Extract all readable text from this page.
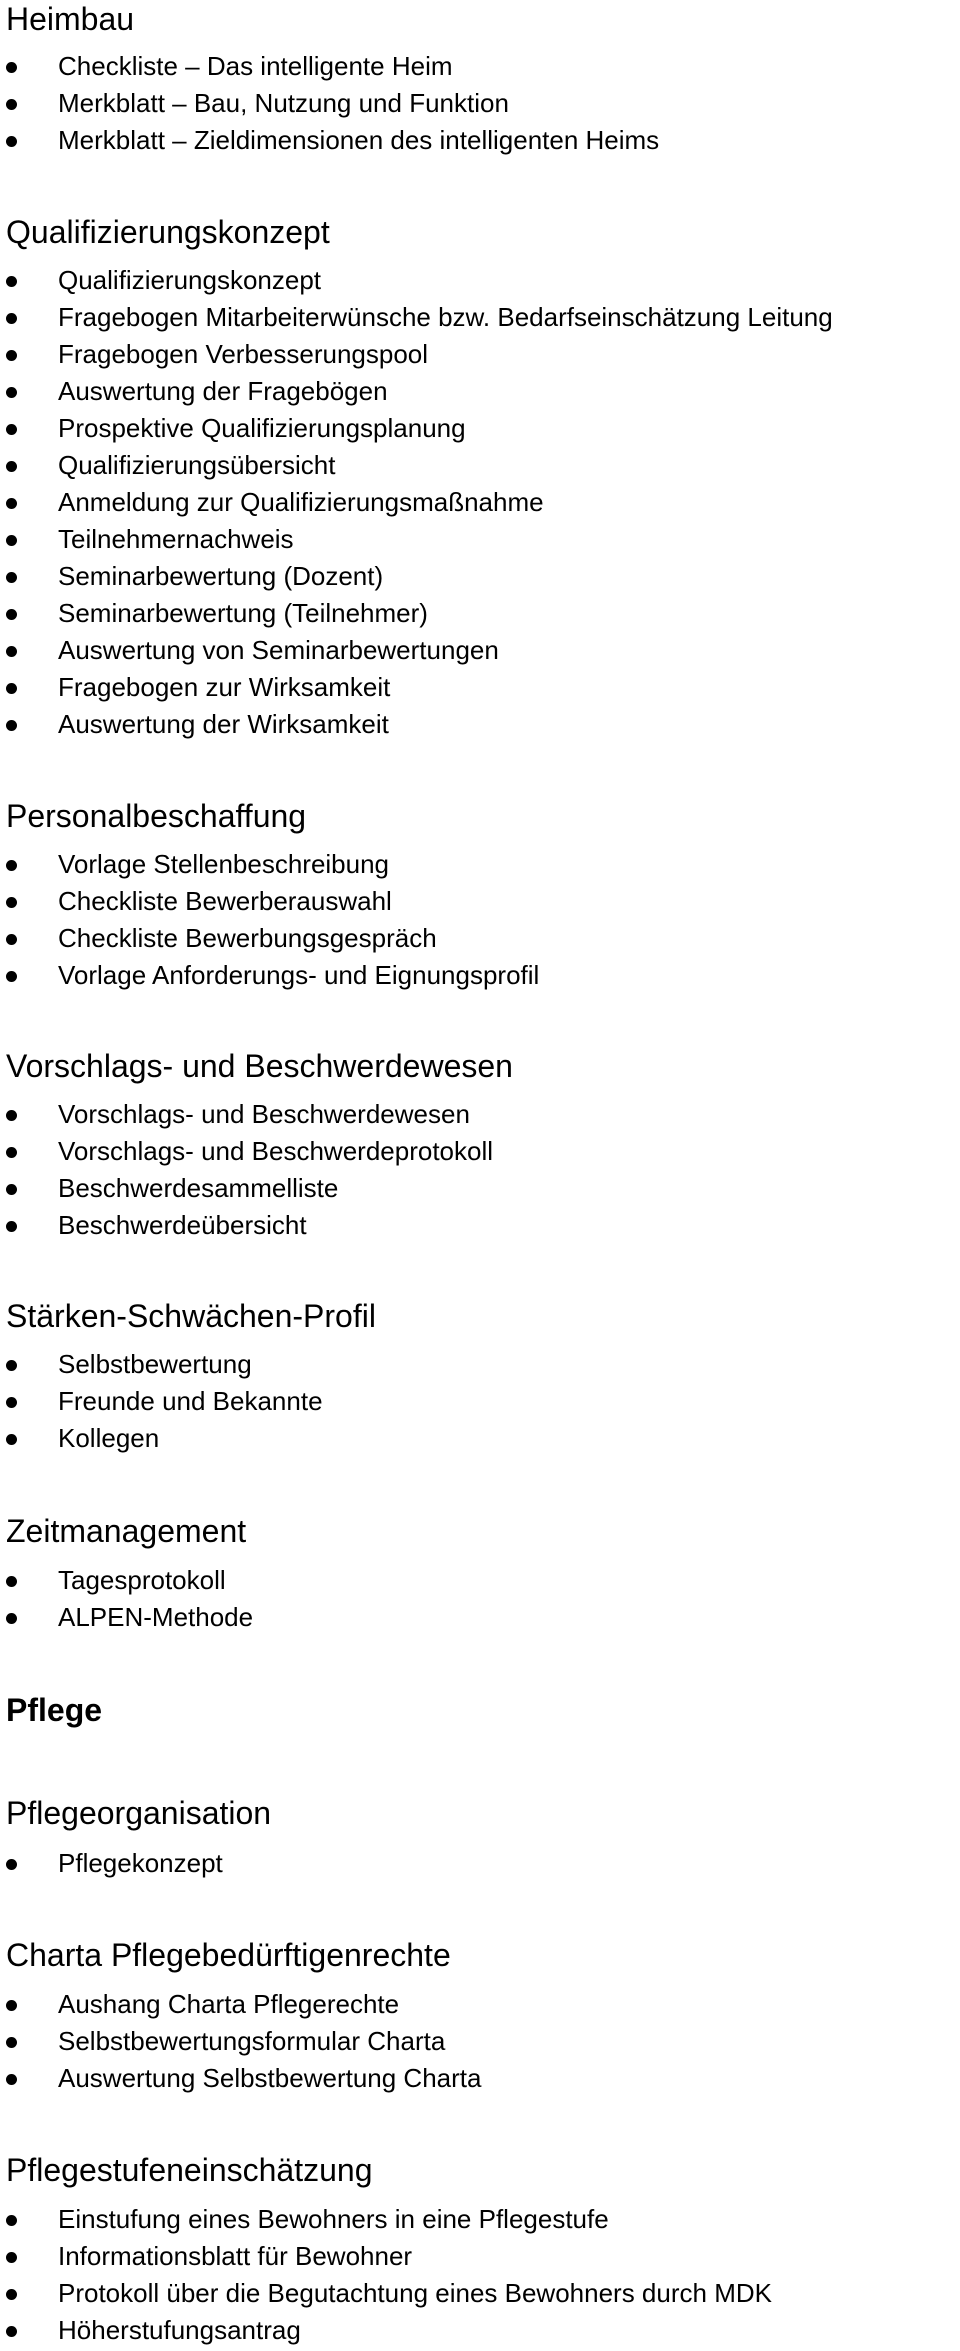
Heimbau
Checkliste – Das intelligente Heim
Merkblatt – Bau, Nutzung und Funktion
Merkblatt – Zieldimensionen des intelligenten Heims
Qualifizierungskonzept
Qualifizierungskonzept
Fragebogen Mitarbeiterwünsche bzw. Bedarfseinschätzung Leitung
Fragebogen Verbesserungspool
Auswertung der Fragebögen
Prospektive Qualifizierungsplanung
Qualifizierungsübersicht
Anmeldung zur Qualifizierungsmaßnahme
Teilnehmernachweis
Seminarbewertung (Dozent)
Seminarbewertung (Teilnehmer)
Auswertung von Seminarbewertungen
Fragebogen zur Wirksamkeit
Auswertung der Wirksamkeit
Personalbeschaffung
Vorlage Stellenbeschreibung
Checkliste Bewerberauswahl
Checkliste Bewerbungsgespräch
Vorlage Anforderungs- und Eignungsprofil
Vorschlags- und Beschwerdewesen
Vorschlags- und Beschwerdewesen
Vorschlags- und Beschwerdeprotokoll
Beschwerdesammelliste
Beschwerdeübersicht
Stärken-Schwächen-Profil
Selbstbewertung
Freunde und Bekannte
Kollegen
Zeitmanagement
Tagesprotokoll
ALPEN-Methode
Pflege
Pflegeorganisation
Pflegekonzept
Charta Pflegebedürftigenrechte
Aushang Charta Pflegerechte
Selbstbewertungsformular Charta
Auswertung Selbstbewertung Charta
Pflegestufeneinschätzung
Einstufung eines Bewohners in eine Pflegestufe
Informationsblatt für Bewohner
Protokoll über die Begutachtung eines Bewohners durch MDK
Höherstufungsantrag
